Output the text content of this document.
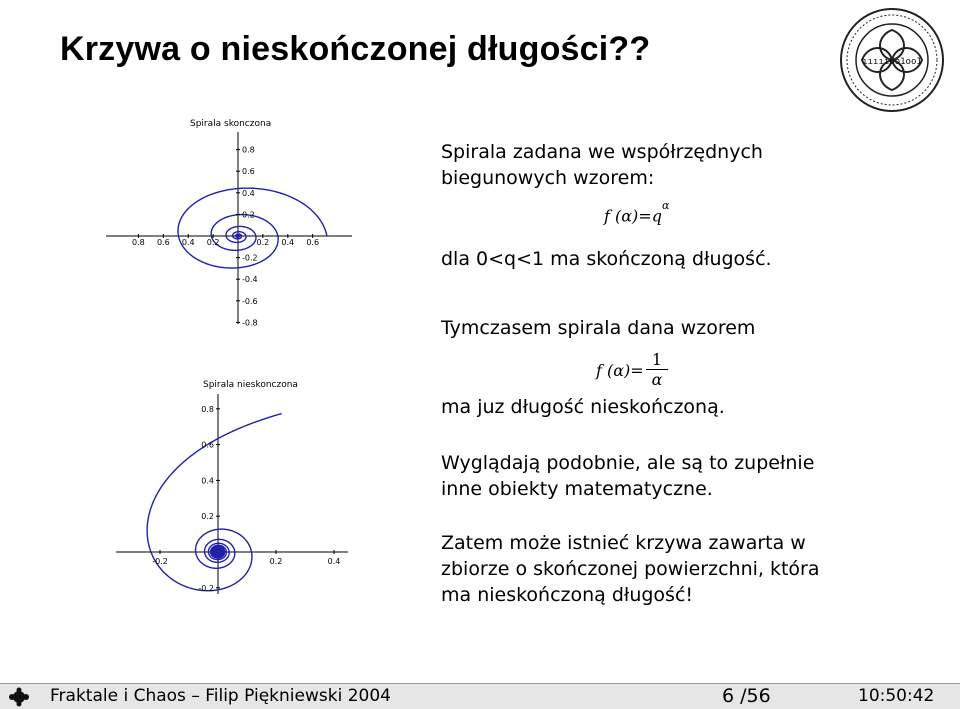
Krzywa o nieskończonej długości??	ıııııoo1oo1
Spirala skonczona
0.8 0.6 0.4 0.2	0.2 0.4 0.6
0.8
0.6
0.4
0.2
-0.2
-0.4
-0.6
-0.8
Spirala nieskonczona
-0.2	0.2	0.4
0.8
0.6
0.4
0.2
-0.2
Spirala zadana we współrzędnych
biegunowych wzorem:
f $(\alpha)=q^\alpha$
dla 0<q<1 ma skończoną długość.
Tymczasem spirala dana wzorem
f $(\alpha)= \frac{1}{\alpha}$
ma juz długość nieskończoną.
Wyglądają podobnie, ale są to zupełnie
inne obiekty matematyczne.
Zatem może istnieć krzywa zawarta w
zbiorze o skończonej powierzchni, która
ma nieskończoną długość!
Fraktale i Chaos – Filip Piękniewski 2004	6 /56	10:50:42
